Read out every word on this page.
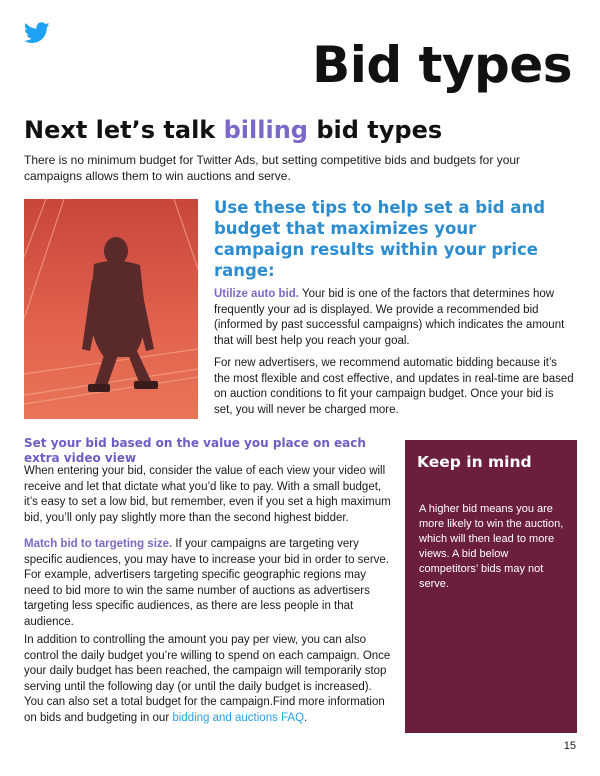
Bid types
Next let’s talk billing bid types

There is no minimum budget for Twitter Ads, but setting competitive bids and budgets for your campaigns allows them to win auctions and serve.

Use these tips to help set a bid and budget that maximizes your campaign results within your price range:

Utilize auto bid. Your bid is one of the factors that determines how frequently your ad is displayed. We provide a recommended bid (informed by past successful campaigns) which indicates the amount that will best help you reach your goal.

For new advertisers, we recommend automatic bidding because it’s the most flexible and cost effective, and updates in real-time are based on auction conditions to fit your campaign budget. Once your bid is set, you will never be charged more.

Set your bid based on the value you place on each extra video view

When entering your bid, consider the value of each view your video will receive and let that dictate what you’d like to pay. With a small budget, it’s easy to set a low bid, but remember, even if you set a high maximum bid, you’ll only pay slightly more than the second highest bidder.

Match bid to targeting size. If your campaigns are targeting very specific audiences, you may have to increase your bid in order to serve. For example, advertisers targeting specific geographic regions may need to bid more to win the same number of auctions as advertisers targeting less specific audiences, as there are less people in that audience.

In addition to controlling the amount you pay per view, you can also control the daily budget you’re willing to spend on each campaign. Once your daily budget has been reached, the campaign will temporarily stop serving until the following day (or until the daily budget is increased). You can also set a total budget for the campaign.Find more information on bids and budgeting in our bidding and auctions FAQ.

Keep in mind

A higher bid means you are more likely to win the auction, which will then lead to more views. A bid below competitors’ bids may not serve.

15
